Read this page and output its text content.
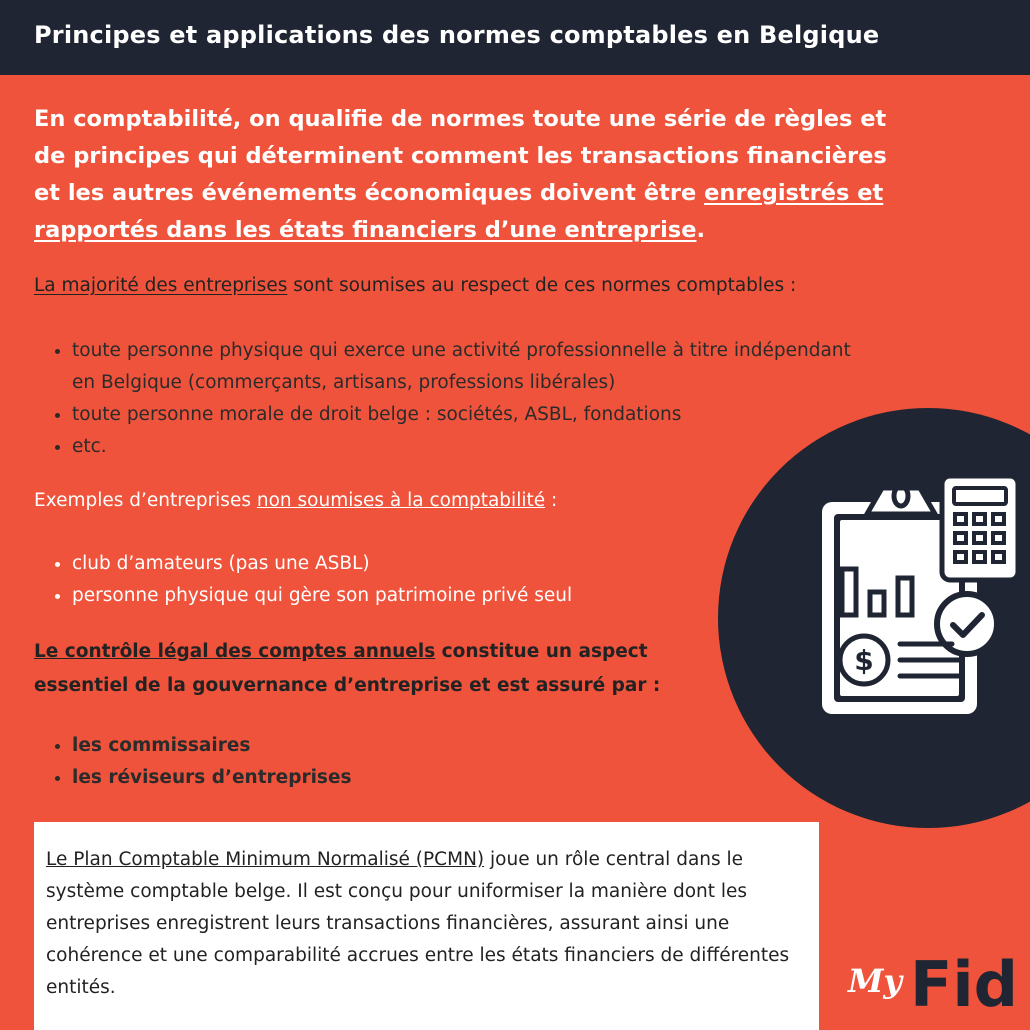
Principes et applications des normes comptables en Belgique
En comptabilité, on qualifie de normes toute une série de règles et de principes qui déterminent comment les transactions financières et les autres événements économiques doivent être enregistrés et rapportés dans les états financiers d’une entreprise.
La majorité des entreprises sont soumises au respect de ces normes comptables :
• toute personne physique qui exerce une activité professionnelle à titre indépendant en Belgique (commerçants, artisans, professions libérales)
• toute personne morale de droit belge : sociétés, ASBL, fondations
• etc.
Exemples d’entreprises non soumises à la comptabilité :
• club d’amateurs (pas une ASBL)
• personne physique qui gère son patrimoine privé seul
Le contrôle légal des comptes annuels constitue un aspect essentiel de la gouvernance d’entreprise et est assuré par :
• les commissaires
• les réviseurs d’entreprises

Le Plan Comptable Minimum Normalisé (PCMN) joue un rôle central dans le système comptable belge. Il est conçu pour uniformiser la manière dont les entreprises enregistrent leurs transactions financières, assurant ainsi une cohérence et une comparabilité accrues entre les états financiers de différentes entités.

$
My Fid
